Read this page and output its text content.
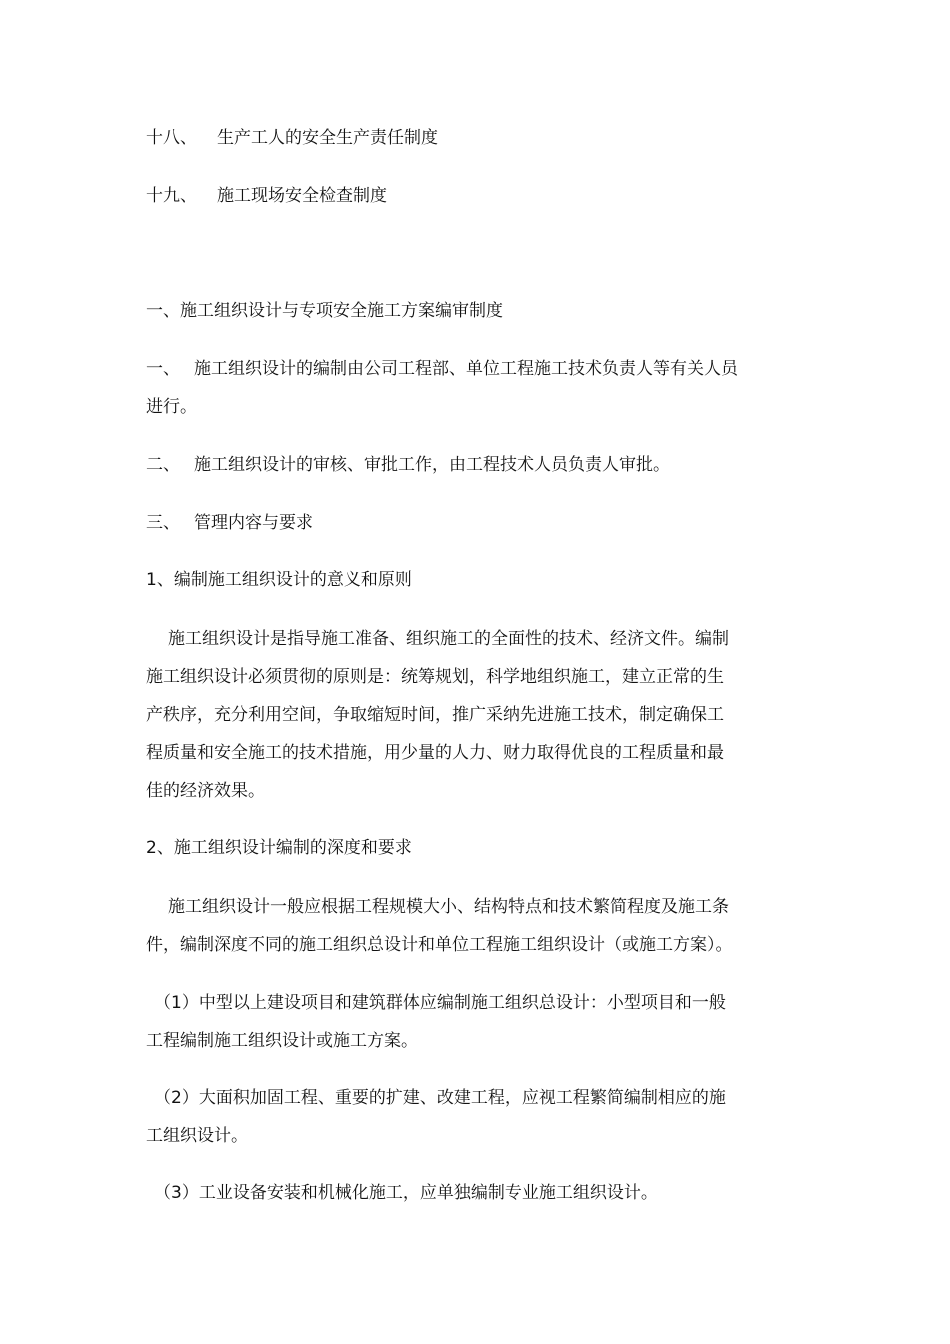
十八、 生产工人的安全生产责任制度
十九、 施工现场安全检查制度
一、施工组织设计与专项安全施工方案编审制度
一、 施工组织设计的编制由公司工程部、单位工程施工技术负责人等有关人员
进行。
二、 施工组织设计的审核、审批工作，由工程技术人员负责人审批。
三、 管理内容与要求
1、编制施工组织设计的意义和原则
施工组织设计是指导施工准备、组织施工的全面性的技术、经济文件。编制
施工组织设计必须贯彻的原则是：统筹规划，科学地组织施工，建立正常的生
产秩序，充分利用空间，争取缩短时间，推广采纳先进施工技术，制定确保工
程质量和安全施工的技术措施，用少量的人力、财力取得优良的工程质量和最
佳的经济效果。
2、施工组织设计编制的深度和要求
施工组织设计一般应根据工程规模大小、结构特点和技术繁简程度及施工条
件，编制深度不同的施工组织总设计和单位工程施工组织设计（或施工方案）。
（1）中型以上建设项目和建筑群体应编制施工组织总设计：小型项目和一般
工程编制施工组织设计或施工方案。
（2）大面积加固工程、重要的扩建、改建工程，应视工程繁简编制相应的施
工组织设计。
（3）工业设备安装和机械化施工，应单独编制专业施工组织设计。
